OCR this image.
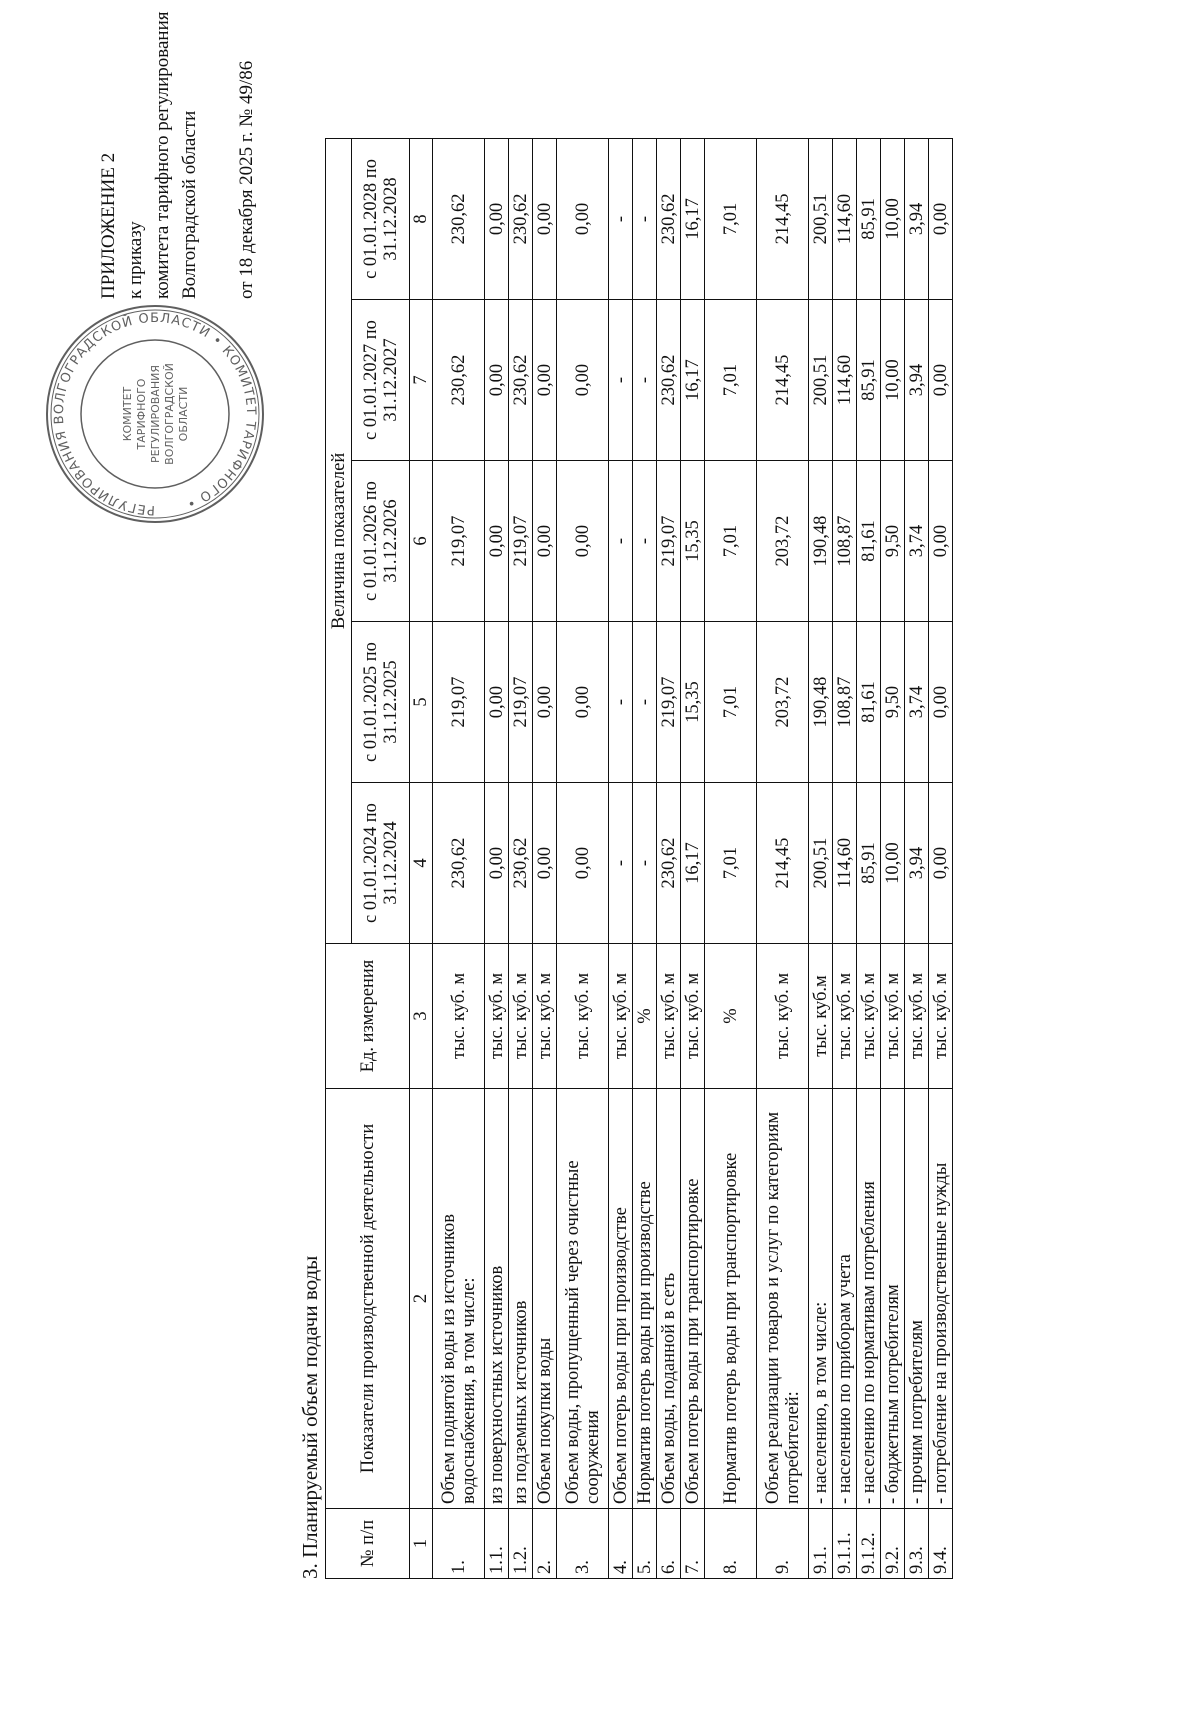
РЕГУЛИРОВАНИЯ ВОЛГОГРАДСКОЙ ОБЛАСТИ • КОМИТЕТ ТАРИФНОГО •
КОМИТЕТ ТАРИФНОГО РЕГУЛИРОВАНИЯ ВОЛГОГРАДСКОЙ ОБЛАСТИ
ПРИЛОЖЕНИЕ 2 к приказу комитета тарифного регулирования Волгоградской области от 18 декабря 2025 г. № 49/86
3. Планируемый объем подачи воды № п/п	Показатели производственной деятельности	Ед. измерения	Величина показателей				
			с 01.01.2024 по 31.12.2024	с 01.01.2025 по 31.12.2025	с 01.01.2026 по 31.12.2026	с 01.01.2027 по 31.12.2027	с 01.01.2028 по 31.12.2028
1	2	3	4	5	6	7	8
1.	Объем поднятой воды из источников водоснабжения, в том числе:	тыс. куб. м	230,62	219,07	219,07	230,62	230,62
1.1.	из поверхностных источников	тыс. куб. м	0,00	0,00	0,00	0,00	0,00
1.2.	из подземных источников	тыс. куб. м	230,62	219,07	219,07	230,62	230,62
2.	Объем покупки воды	тыс. куб. м	0,00	0,00	0,00	0,00	0,00
3.	Объем воды, пропущенный через очистные сооружения	тыс. куб. м	0,00	0,00	0,00	0,00	0,00
4.	Объем потерь воды при производстве	тыс. куб. м	-	-	-	-	-
5.	Норматив потерь воды при производстве	%	-	-	-	-	-
6.	Объем воды, поданной в сеть	тыс. куб. м	230,62	219,07	219,07	230,62	230,62
7.	Объем потерь воды при транспортировке	тыс. куб. м	16,17	15,35	15,35	16,17	16,17
8.	Норматив потерь воды при транспортировке	%	7,01	7,01	7,01	7,01	7,01
9.	Объем реализации товаров и услуг по категориям потребителей:	тыс. куб. м	214,45	203,72	203,72	214,45	214,45
9.1.	- населению, в том числе:	тыс. куб.м	200,51	190,48	190,48	200,51	200,51
9.1.1.	- населению по приборам учета	тыс. куб. м	114,60	108,87	108,87	114,60	114,60
9.1.2.	- населению по нормативам потребления	тыс. куб. м	85,91	81,61	81,61	85,91	85,91
9.2.	- бюджетным потребителям	тыс. куб. м	10,00	9,50	9,50	10,00	10,00
9.3.	- прочим потребителям	тыс. куб. м	3,94	3,74	3,74	3,94	3,94
9.4.	- потребление на производственные нужды	тыс. куб. м	0,00	0,00	0,00	0,00	0,00
